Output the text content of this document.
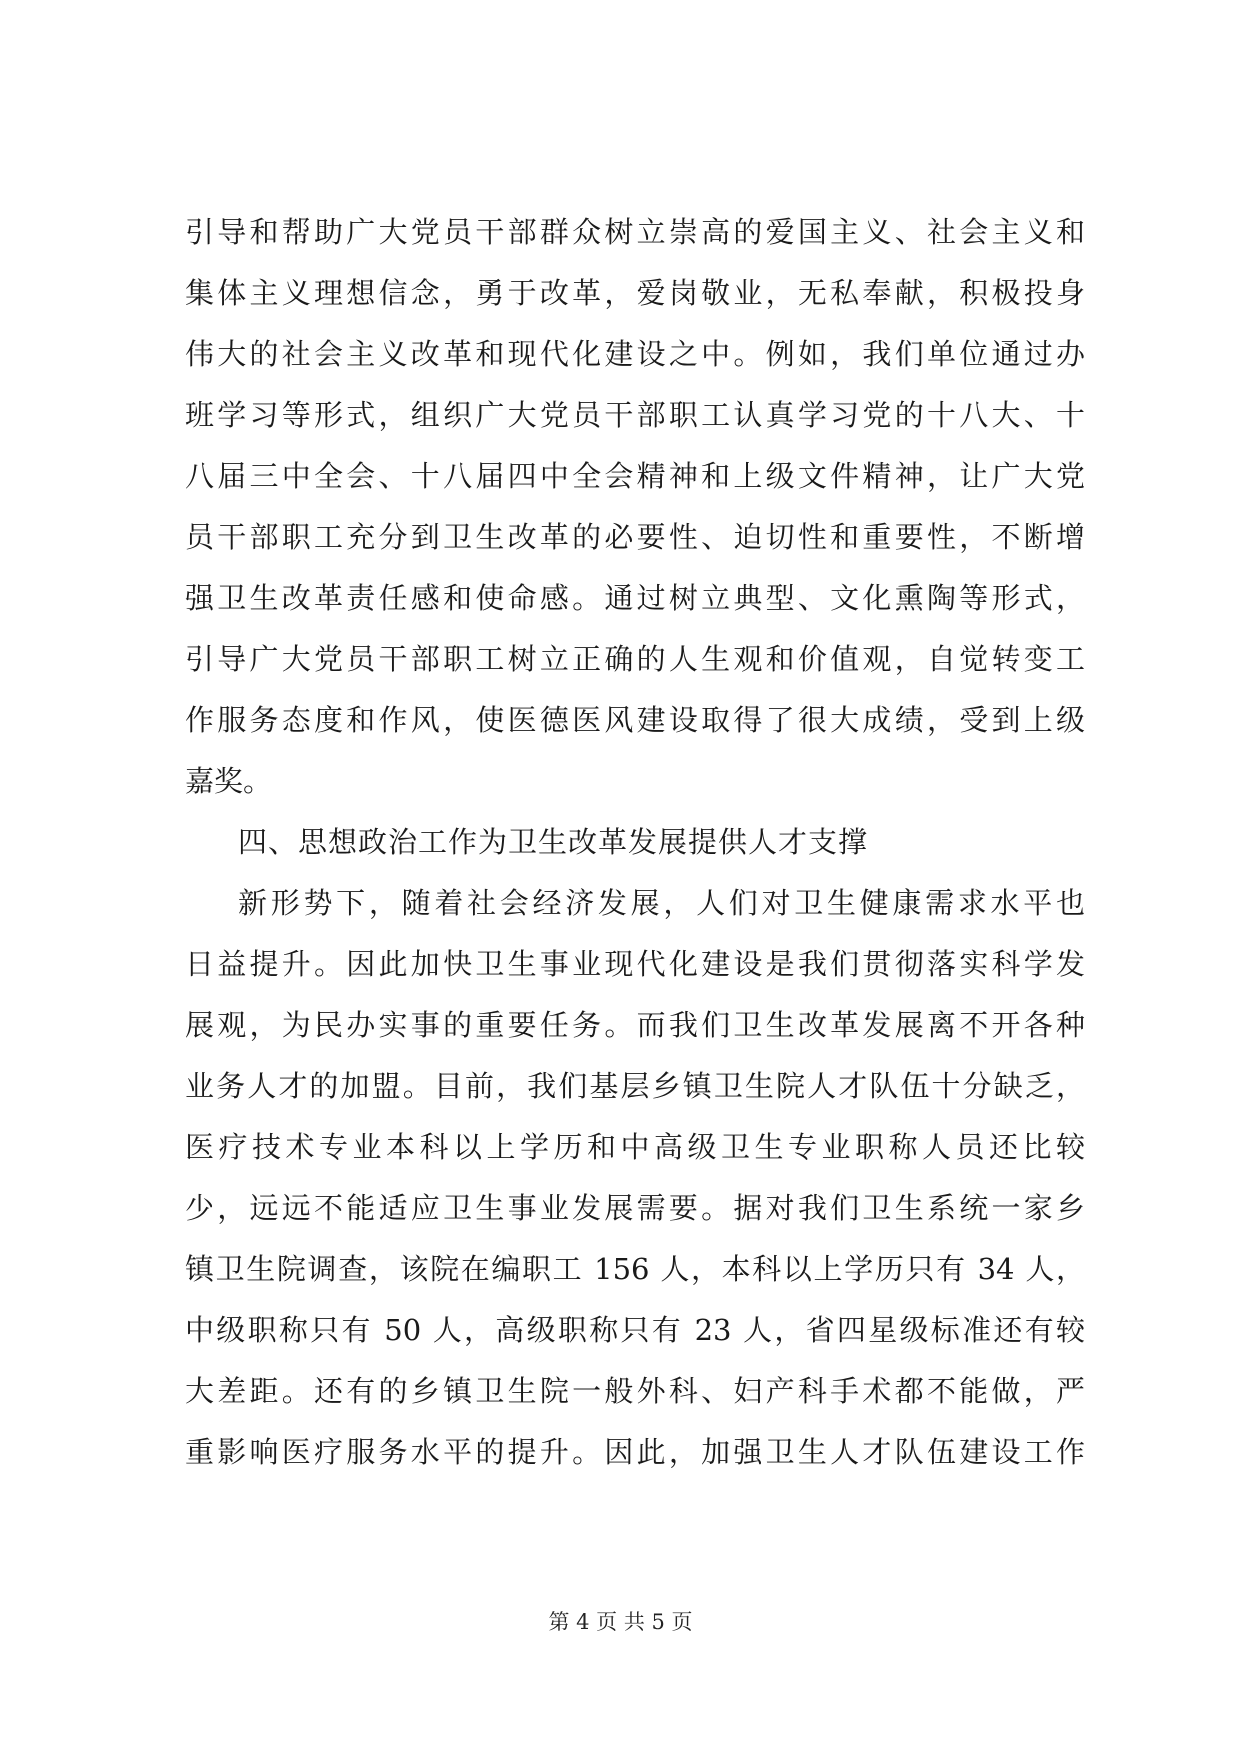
引导和帮助广大党员干部群众树立崇高的爱国主义、社会主义和
集体主义理想信念，勇于改革，爱岗敬业，无私奉献，积极投身
伟大的社会主义改革和现代化建设之中。例如，我们单位通过办
班学习等形式，组织广大党员干部职工认真学习党的十八大、十
八届三中全会、十八届四中全会精神和上级文件精神，让广大党
员干部职工充分到卫生改革的必要性、迫切性和重要性，不断增
强卫生改革责任感和使命感。通过树立典型、文化熏陶等形式，
引导广大党员干部职工树立正确的人生观和价值观，自觉转变工
作服务态度和作风，使医德医风建设取得了很大成绩，受到上级
嘉奖。
四、思想政治工作为卫生改革发展提供人才支撑
新形势下，随着社会经济发展，人们对卫生健康需求水平也
日益提升。因此加快卫生事业现代化建设是我们贯彻落实科学发
展观，为民办实事的重要任务。而我们卫生改革发展离不开各种
业务人才的加盟。目前，我们基层乡镇卫生院人才队伍十分缺乏，
医疗技术专业本科以上学历和中高级卫生专业职称人员还比较
少，远远不能适应卫生事业发展需要。据对我们卫生系统一家乡
镇卫生院调查，该院在编职工 156 人，本科以上学历只有 34 人，
中级职称只有 50 人，高级职称只有 23 人，省四星级标准还有较
大差距。还有的乡镇卫生院一般外科、妇产科手术都不能做，严
重影响医疗服务水平的提升。因此，加强卫生人才队伍建设工作
第 4 页 共 5 页
